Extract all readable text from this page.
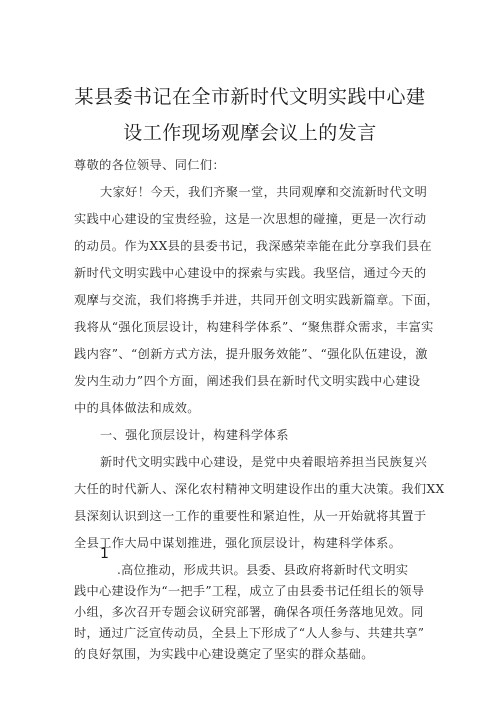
某县委书记在全市新时代文明实践中心建
设工作现场观摩会议上的发言
尊敬的各位领导、同仁们：
大家好！今天，我们齐聚一堂，共同观摩和交流新时代文明
实践中心建设的宝贵经验，这是一次思想的碰撞，更是一次行动
的动员。作为XX县的县委书记，我深感荣幸能在此分享我们县在
新时代文明实践中心建设中的探索与实践。我坚信，通过今天的
观摩与交流，我们将携手并进，共同开创文明实践新篇章。下面，
我将从“强化顶层设计，构建科学体系”、“聚焦群众需求，丰富实
践内容”、“创新方式方法，提升服务效能”、“强化队伍建设，激
发内生动力”四个方面，阐述我们县在新时代文明实践中心建设
中的具体做法和成效。
一、强化顶层设计，构建科学体系
新时代文明实践中心建设，是党中央着眼培养担当民族复兴
大任的时代新人、深化农村精神文明建设作出的重大决策。我们XX
县深刻认识到这一工作的重要性和紧迫性，从一开始就将其置于
全县工作大局中谋划推进，强化顶层设计，构建科学体系。
1
.高位推动，形成共识。县委、县政府将新时代文明实
践中心建设作为“一把手”工程，成立了由县委书记任组长的领导
小组，多次召开专题会议研究部署，确保各项任务落地见效。同
时，通过广泛宣传动员，全县上下形成了“人人参与、共建共享”
的良好氛围，为实践中心建设奠定了坚实的群众基础。
